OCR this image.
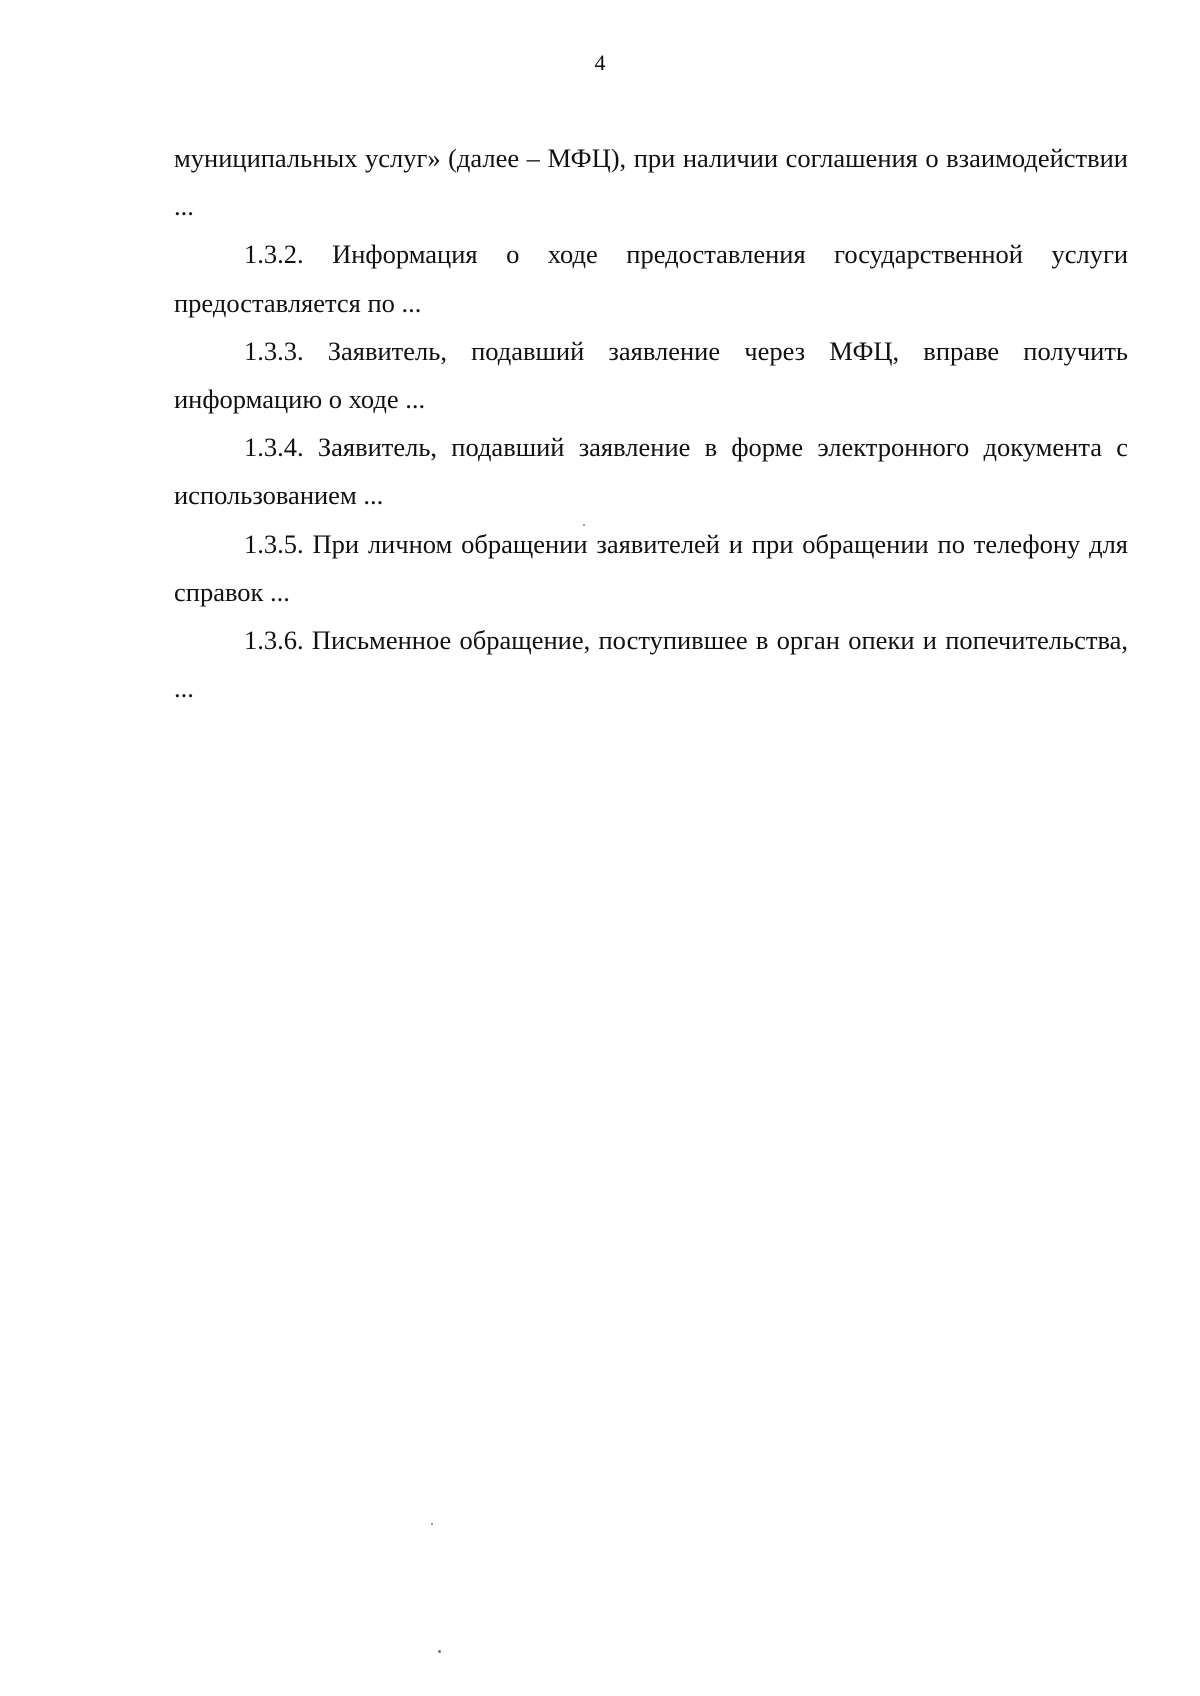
4

муниципальных услуг» (далее – МФЦ), при наличии соглашения о взаимодействии ...

1.3.2. Информация о ходе предоставления государственной услуги предоставляется по ...

1.3.3. Заявитель, подавший заявление через МФЦ, вправе получить информацию о ходе ...

1.3.4. Заявитель, подавший заявление в форме электронного документа с использованием ...

1.3.5. При личном обращении заявителей и при обращении по телефону для справок ...

1.3.6. Письменное обращение, поступившее в орган опеки и попечительства, ...
